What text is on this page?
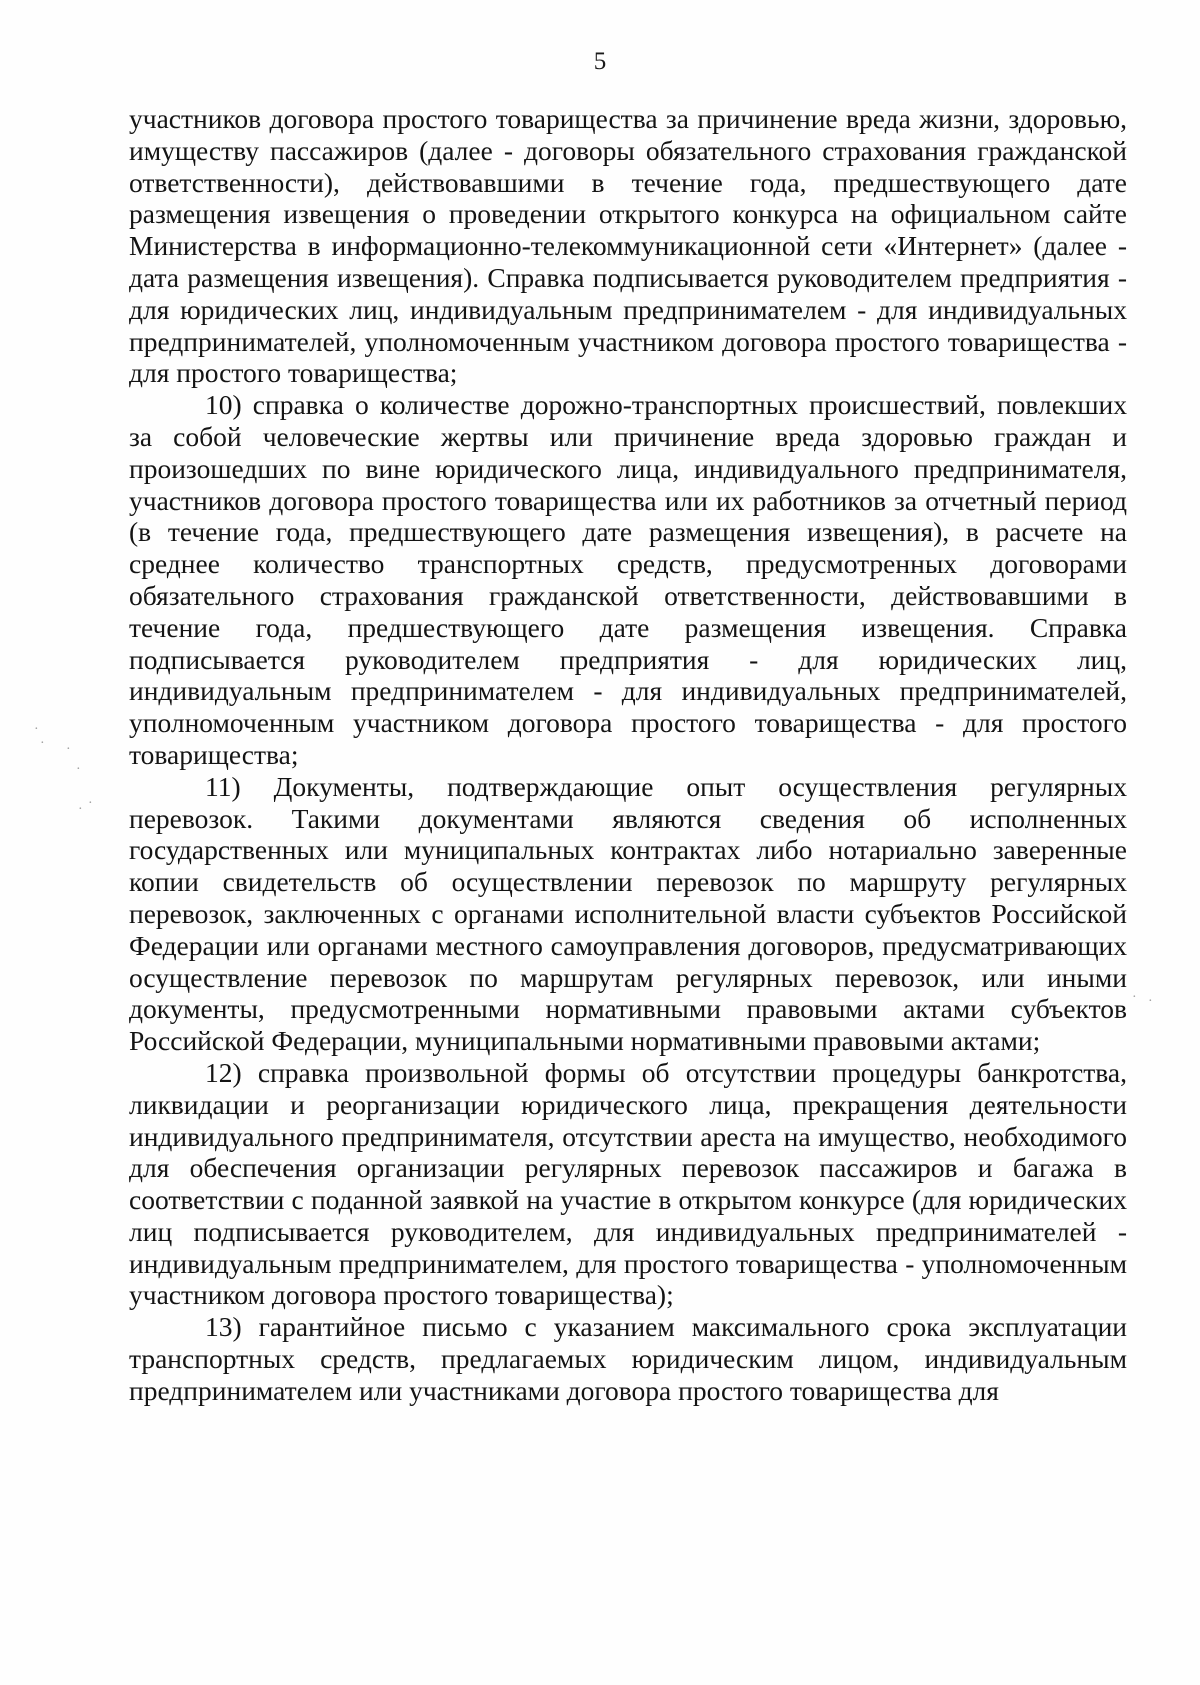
5

участников договора простого товарищества за причинение вреда жизни, здоровью, имуществу пассажиров (далее - договоры обязательного страхования гражданской ответственности), действовавшими в течение года, предшествующего дате размещения извещения о проведении открытого конкурса на официальном сайте Министерства в информационно-телекоммуникационной сети «Интернет» (далее - дата размещения извещения). Справка подписывается руководителем предприятия - для юридических лиц, индивидуальным предпринимателем - для индивидуальных предпринимателей, уполномоченным участником договора простого товарищества - для простого товарищества;

10) справка о количестве дорожно-транспортных происшествий, повлекших за собой человеческие жертвы или причинение вреда здоровью граждан и произошедших по вине юридического лица, индивидуального предпринимателя, участников договора простого товарищества или их работников за отчетный период (в течение года, предшествующего дате размещения извещения), в расчете на среднее количество транспортных средств, предусмотренных договорами обязательного страхования гражданской ответственности, действовавшими в течение года, предшествующего дате размещения извещения. Справка подписывается руководителем предприятия - для юридических лиц, индивидуальным предпринимателем - для индивидуальных предпринимателей, уполномоченным участником договора простого товарищества - для простого товарищества;

11) Документы, подтверждающие опыт осуществления регулярных перевозок. Такими документами являются сведения об исполненных государственных или муниципальных контрактах либо нотариально заверенные копии свидетельств об осуществлении перевозок по маршруту регулярных перевозок, заключенных с органами исполнительной власти субъектов Российской Федерации или органами местного самоуправления договоров, предусматривающих осуществление перевозок по маршрутам регулярных перевозок, или иными документы, предусмотренными нормативными правовыми актами субъектов Российской Федерации, муниципальными нормативными правовыми актами;

12) справка произвольной формы об отсутствии процедуры банкротства, ликвидации и реорганизации юридического лица, прекращения деятельности индивидуального предпринимателя, отсутствии ареста на имущество, необходимого для обеспечения организации регулярных перевозок пассажиров и багажа в соответствии с поданной заявкой на участие в открытом конкурсе (для юридических лиц подписывается руководителем, для индивидуальных предпринимателей - индивидуальным предпринимателем, для простого товарищества - уполномоченным участником договора простого товарищества);

13) гарантийное письмо с указанием максимального срока эксплуатации транспортных средств, предлагаемых юридическим лицом, индивидуальным предпринимателем или участниками договора простого товарищества для

·
· ·
·
· ·
· ·
